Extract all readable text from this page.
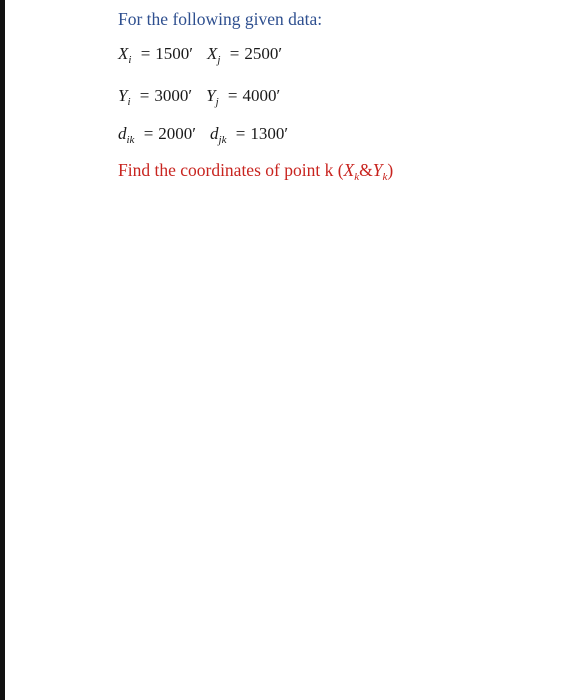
For the following given data:
$X_i = 1500'$ $X_j = 2500'$
$Y_i = 3000'$ $Y_j = 4000'$
$d_{ik} = 2000'$ $d_{jk} = 1300'$
Find the coordinates of point k $(X_k\&Y_k)$
